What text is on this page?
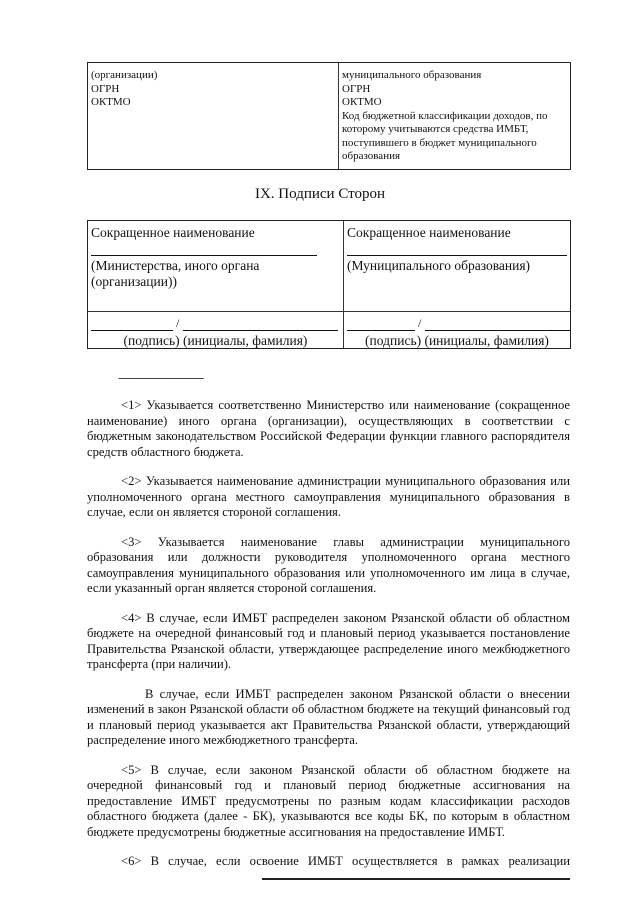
(организации)
ОГРН
ОКТМО
муниципального образования
ОГРН
ОКТМО
Код бюджетной классификации доходов, по которому учитываются средства ИМБТ, поступившего в бюджет муниципального образования
IX. Подписи Сторон
Сокращенное наименование
(Министерства, иного органа (организации))
Сокращенное наименование
(Муниципального образования)
/
(подпись) (инициалы, фамилия)
/
(подпись) (инициалы, фамилия)
--------------------------------

<1> Указывается соответственно Министерство или наименование (сокращенное наименование) иного органа (организации), осуществляющих в соответствии с бюджетным законодательством Российской Федерации функции главного распорядителя средств областного бюджета.

<2> Указывается наименование администрации муниципального образования или уполномоченного органа местного самоуправления муниципального образования в случае, если он является стороной соглашения.

<3> Указывается наименование главы администрации муниципального образования или должности руководителя уполномоченного органа местного самоуправления муниципального образования или уполномоченного им лица в случае, если указанный орган является стороной соглашения.

<4> В случае, если ИМБТ распределен законом Рязанской области об областном бюджете на очередной финансовый год и плановый период указывается постановление Правительства Рязанской области, утверждающее распределение иного межбюджетного трансферта (при наличии).

В случае, если ИМБТ распределен законом Рязанской области о внесении изменений в закон Рязанской области об областном бюджете на текущий финансовый год и плановый период указывается акт Правительства Рязанской области, утверждающий распределение иного межбюджетного трансферта.

<5> В случае, если законом Рязанской области об областном бюджете на очередной финансовый год и плановый период бюджетные ассигнования на предоставление ИМБТ предусмотрены по разным кодам классификации расходов областного бюджета (далее - БК), указываются все коды БК, по которым в областном бюджете предусмотрены бюджетные ассигнования на предоставление ИМБТ.

<6> В случае, если освоение ИМБТ осуществляется в рамках реализации
